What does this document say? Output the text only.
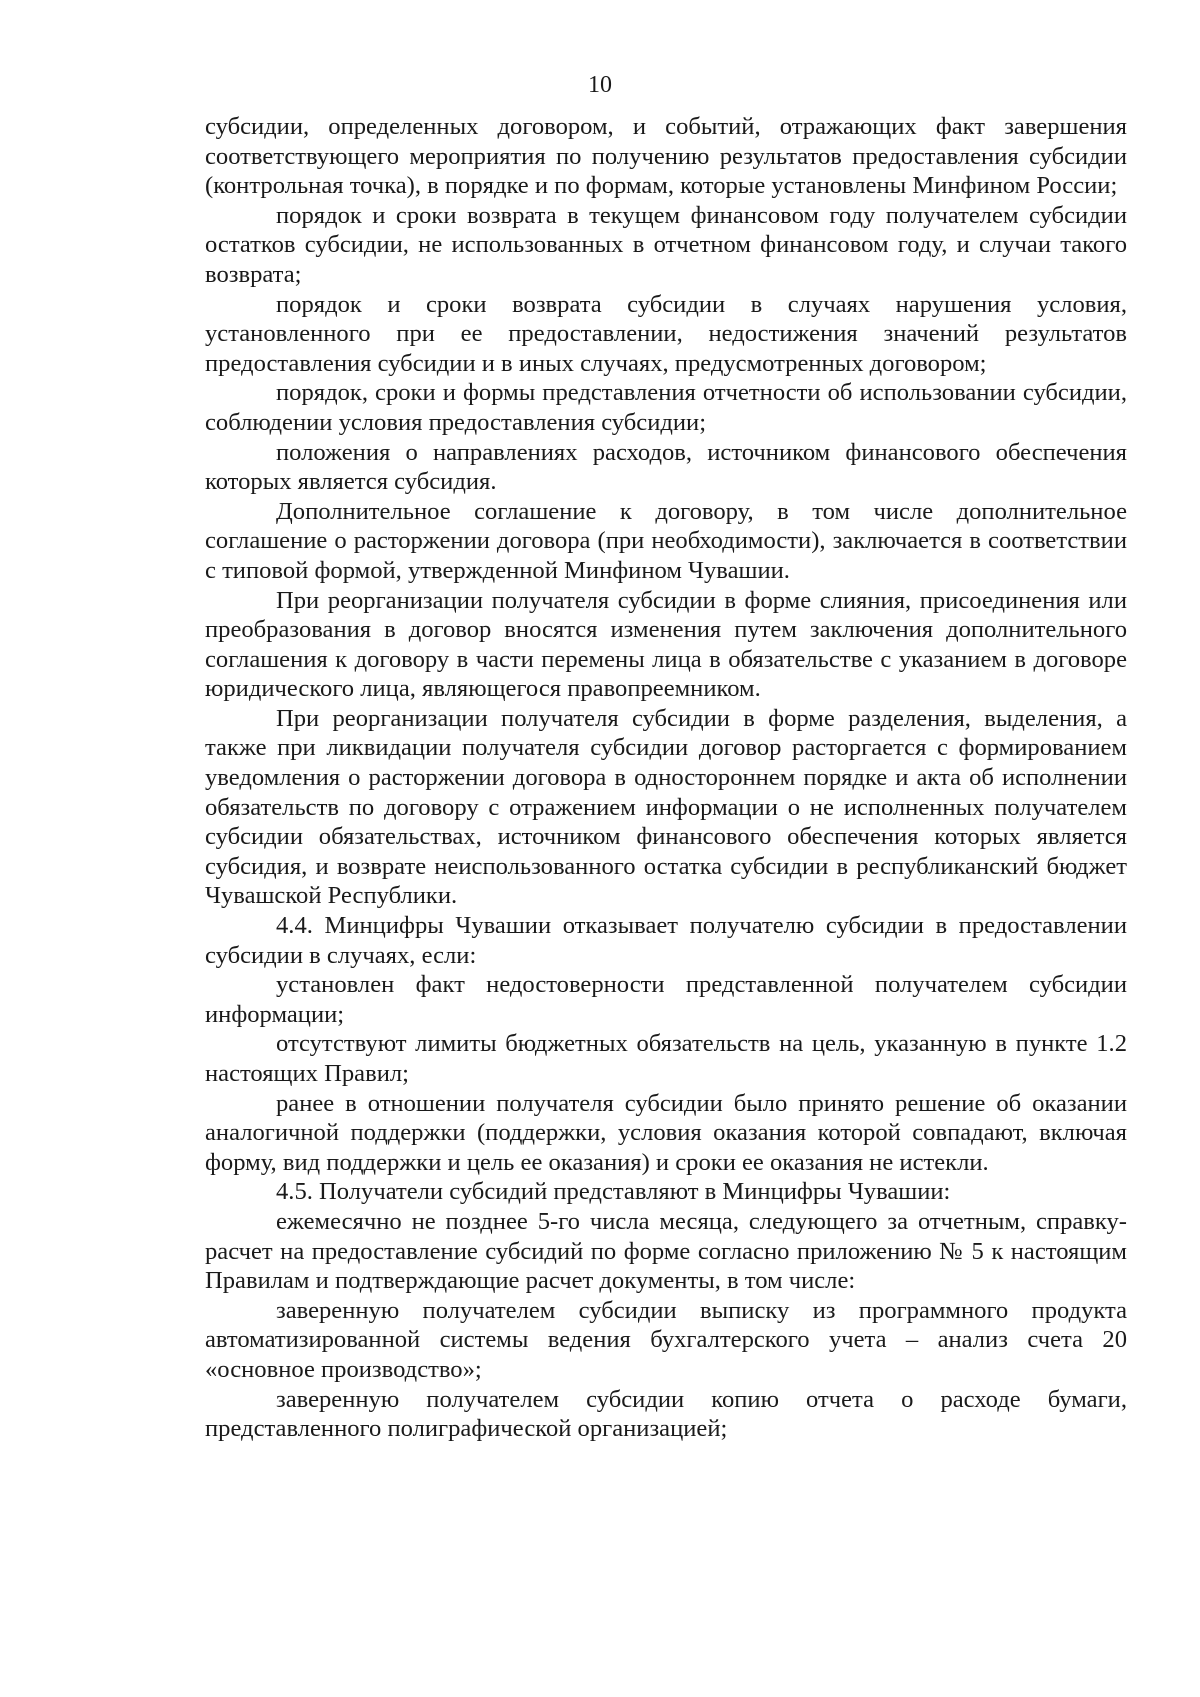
10

субсидии, определенных договором, и событий, отражающих факт завершения соответствующего мероприятия по получению результатов предоставления субсидии (контрольная точка), в порядке и по формам, которые установлены Минфином России;

порядок и сроки возврата в текущем финансовом году получателем субсидии остатков субсидии, не использованных в отчетном финансовом году, и случаи такого возврата;

порядок и сроки возврата субсидии в случаях нарушения условия, установленного при ее предоставлении, недостижения значений результатов предоставления субсидии и в иных случаях, предусмотренных договором;

порядок, сроки и формы представления отчетности об использовании субсидии, соблюдении условия предоставления субсидии;

положения о направлениях расходов, источником финансового обеспечения которых является субсидия.

Дополнительное соглашение к договору, в том числе дополнительное соглашение о расторжении договора (при необходимости), заключается в соответствии с типовой формой, утвержденной Минфином Чувашии.

При реорганизации получателя субсидии в форме слияния, присоединения или преобразования в договор вносятся изменения путем заключения дополнительного соглашения к договору в части перемены лица в обязательстве с указанием в договоре юридического лица, являющегося правопреемником.

При реорганизации получателя субсидии в форме разделения, выделения, а также при ликвидации получателя субсидии договор расторгается с формированием уведомления о расторжении договора в одностороннем порядке и акта об исполнении обязательств по договору с отражением информации о не исполненных получателем субсидии обязательствах, источником финансового обеспечения которых является субсидия, и возврате неиспользованного остатка субсидии в республиканский бюджет Чувашской Республики.

4.4. Минцифры Чувашии отказывает получателю субсидии в предоставлении субсидии в случаях, если:

установлен факт недостоверности представленной получателем субсидии информации;

отсутствуют лимиты бюджетных обязательств на цель, указанную в пункте 1.2 настоящих Правил;

ранее в отношении получателя субсидии было принято решение об оказании аналогичной поддержки (поддержки, условия оказания которой совпадают, включая форму, вид поддержки и цель ее оказания) и сроки ее оказания не истекли.

4.5. Получатели субсидий представляют в Минцифры Чувашии:

ежемесячно не позднее 5-го числа месяца, следующего за отчетным, справку-расчет на предоставление субсидий по форме согласно приложению № 5 к настоящим Правилам и подтверждающие расчет документы, в том числе:

заверенную получателем субсидии выписку из программного продукта автоматизированной системы ведения бухгалтерского учета – анализ счета 20 «основное производство»;

заверенную получателем субсидии копию отчета о расходе бумаги, представленного полиграфической организацией;
